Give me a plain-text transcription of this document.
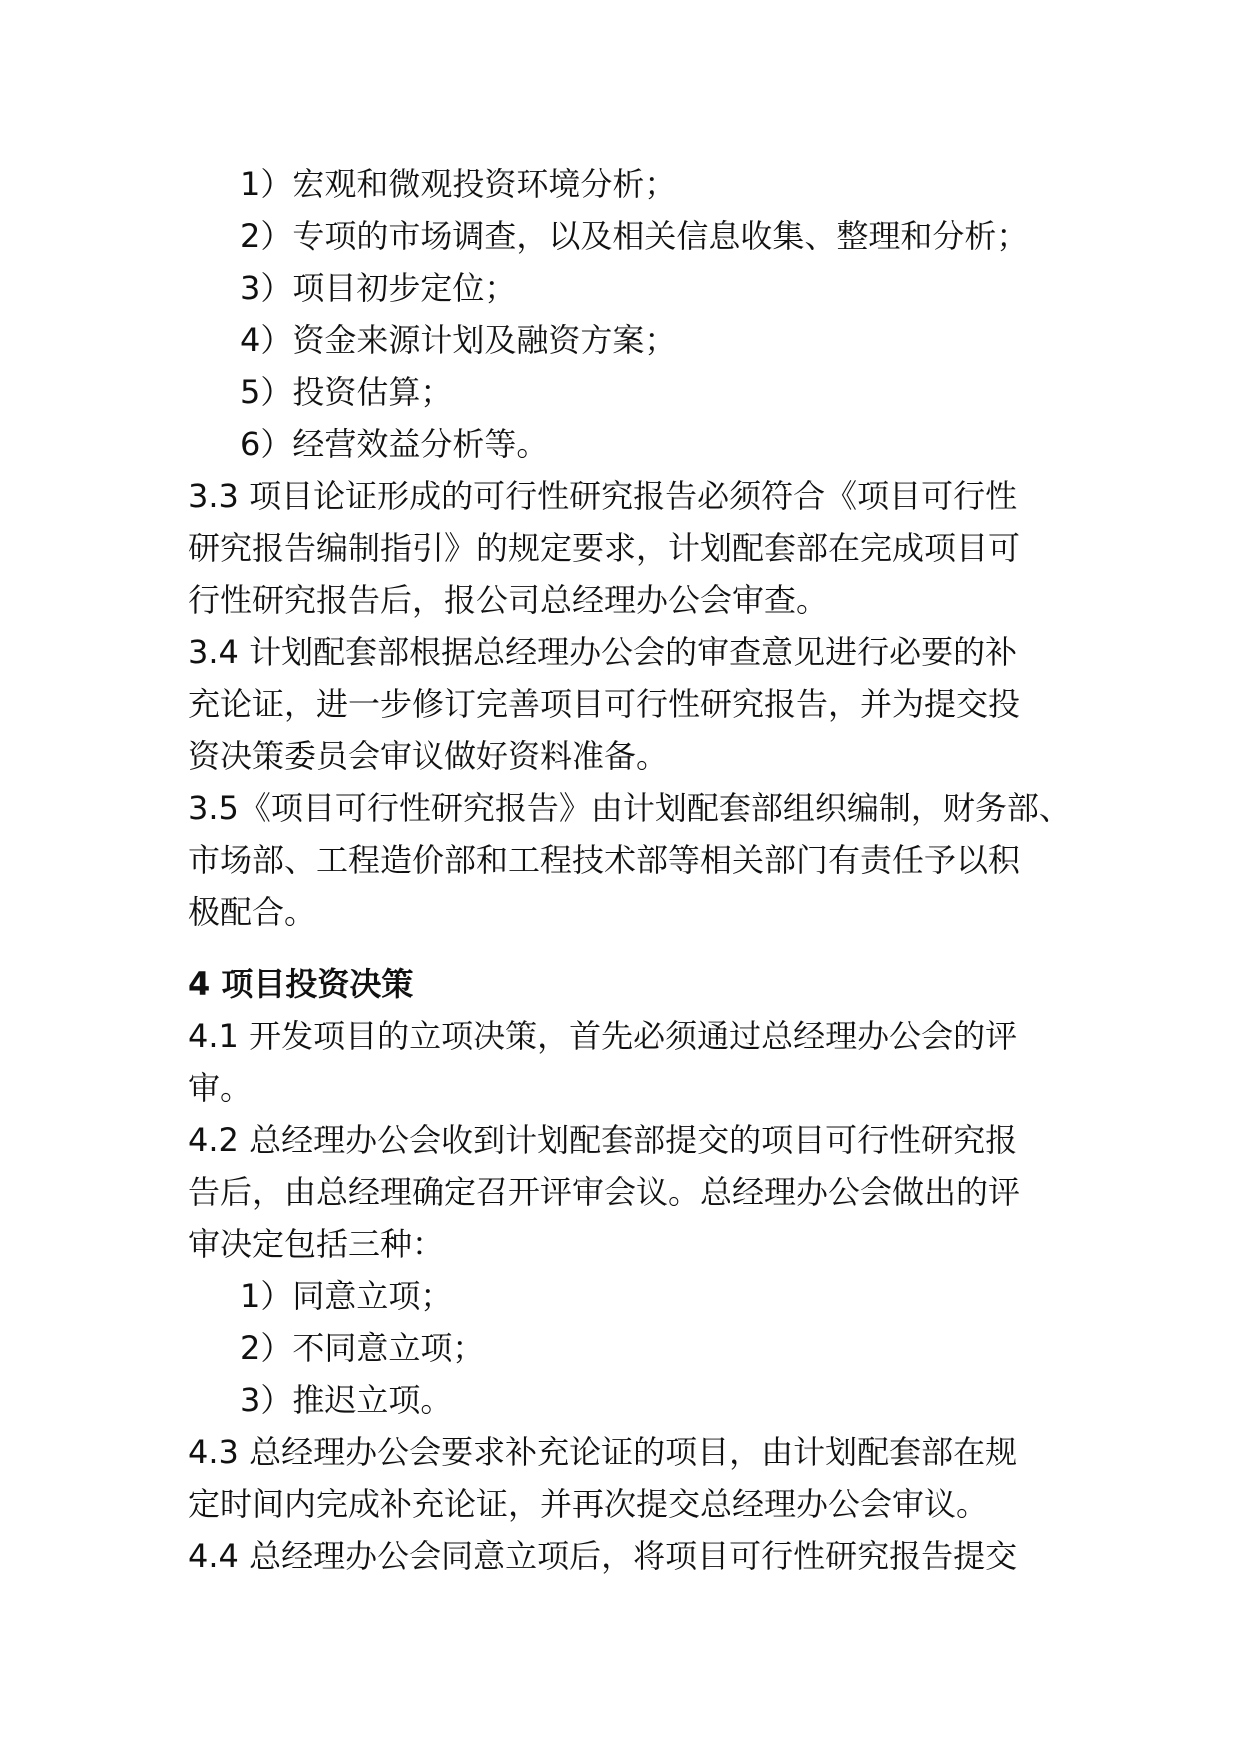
1）宏观和微观投资环境分析；
2）专项的市场调查，以及相关信息收集、整理和分析；
3）项目初步定位；
4）资金来源计划及融资方案；
5）投资估算；
6）经营效益分析等。
3.3 项目论证形成的可行性研究报告必须符合《项目可行性
研究报告编制指引》的规定要求，计划配套部在完成项目可
行性研究报告后，报公司总经理办公会审查。
3.4 计划配套部根据总经理办公会的审查意见进行必要的补
充论证，进一步修订完善项目可行性研究报告，并为提交投
资决策委员会审议做好资料准备。
3.5《项目可行性研究报告》由计划配套部组织编制，财务部、
市场部、工程造价部和工程技术部等相关部门有责任予以积
极配合。
4 项目投资决策
4.1 开发项目的立项决策，首先必须通过总经理办公会的评
审。
4.2 总经理办公会收到计划配套部提交的项目可行性研究报
告后，由总经理确定召开评审会议。总经理办公会做出的评
审决定包括三种：
1）同意立项；
2）不同意立项；
3）推迟立项。
4.3 总经理办公会要求补充论证的项目，由计划配套部在规
定时间内完成补充论证，并再次提交总经理办公会审议。
4.4 总经理办公会同意立项后，将项目可行性研究报告提交
